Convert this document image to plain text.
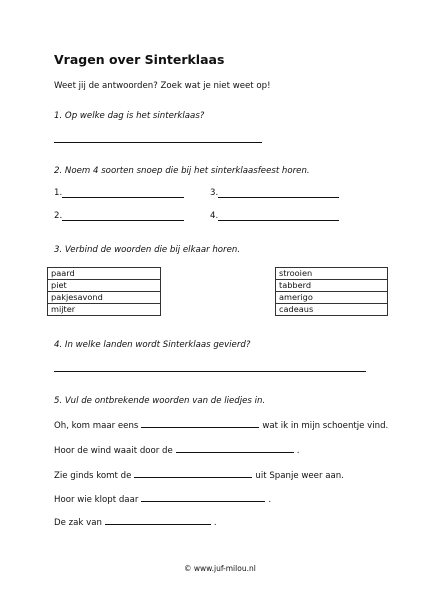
Vragen over Sinterklaas
Weet jij de antwoorden? Zoek wat je niet weet op!
1. Op welke dag is het sinterklaas?
2. Noem 4 soorten snoep die bij het sinterklaasfeest horen.
1.	3.
2.	4.
3. Verbind de woorden die bij elkaar horen.
paard
piet
pakjesavond
mijter
strooien
tabberd
amerigo
cadeaus
4. In welke landen wordt Sinterklaas gevierd?
5. Vul de ontbrekende woorden van de liedjes in.
Oh, kom maar eens	wat ik in mijn schoentje vind.
Hoor de wind waait door de	.
Zie ginds komt de	uit Spanje weer aan.
Hoor wie klopt daar	.
De zak van	.
© www.juf-milou.nl
